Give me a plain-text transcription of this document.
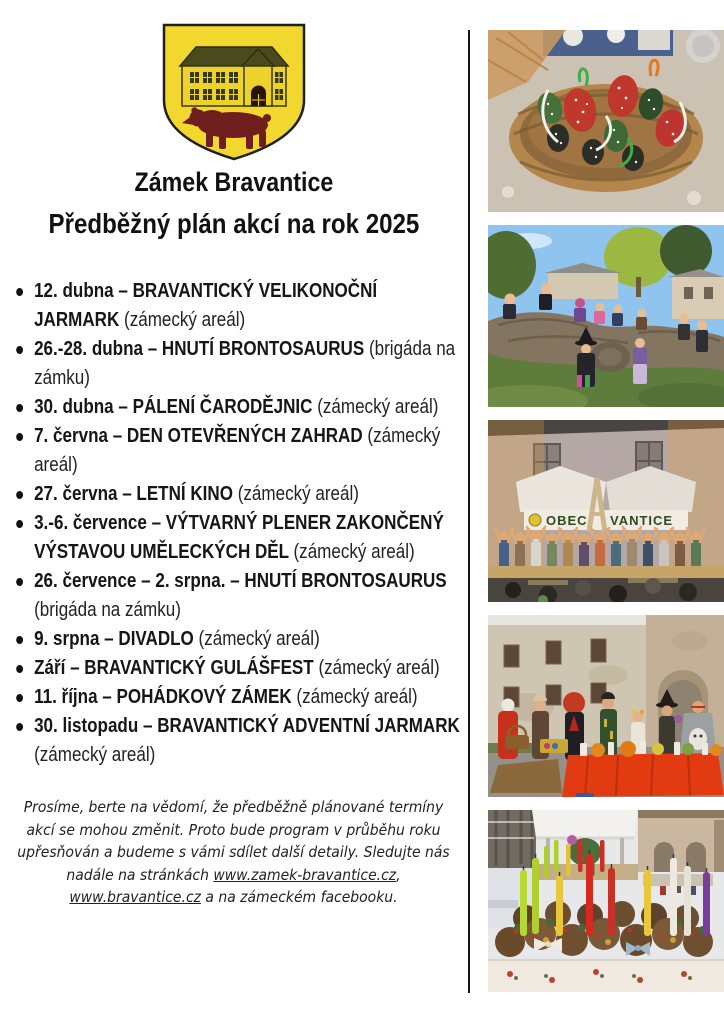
Zámek Bravantice
Předběžný plán akcí na rok 2025
12. dubna – BRAVANTICKÝ VELIKONOČNÍ JARMARK (zámecký areál)
26.-28. dubna – HNUTÍ BRONTOSAURUS (brigáda na zámku)
30. dubna – PÁLENÍ ČARODĚJNIC (zámecký areál)
7. června – DEN OTEVŘENÝCH ZAHRAD (zámecký areál)
27. června – LETNÍ KINO (zámecký areál)
3.-6. července – VÝTVARNÝ PLENER ZAKONČENÝ VÝSTAVOU UMĚLECKÝCH DĚL (zámecký areál)
26. července – 2. srpna. – HNUTÍ BRONTOSAURUS (brigáda na zámku)
9. srpna – DIVADLO (zámecký areál)
Září – BRAVANTICKÝ GULÁŠFEST (zámecký areál)
11. října – POHÁDKOVÝ ZÁMEK (zámecký areál)
30. listopadu – BRAVANTICKÝ ADVENTNÍ JARMARK (zámecký areál)

Prosíme, berte na vědomí, že předběžně plánované termíny akcí se mohou změnit. Proto bude program v průběhu roku upřesňován a budeme s vámi sdílet další detaily. Sledujte nás nadále na stránkách www.zamek-bravantice.cz, www.bravantice.cz a na zámeckém facebooku.

OBEC VANTICE
